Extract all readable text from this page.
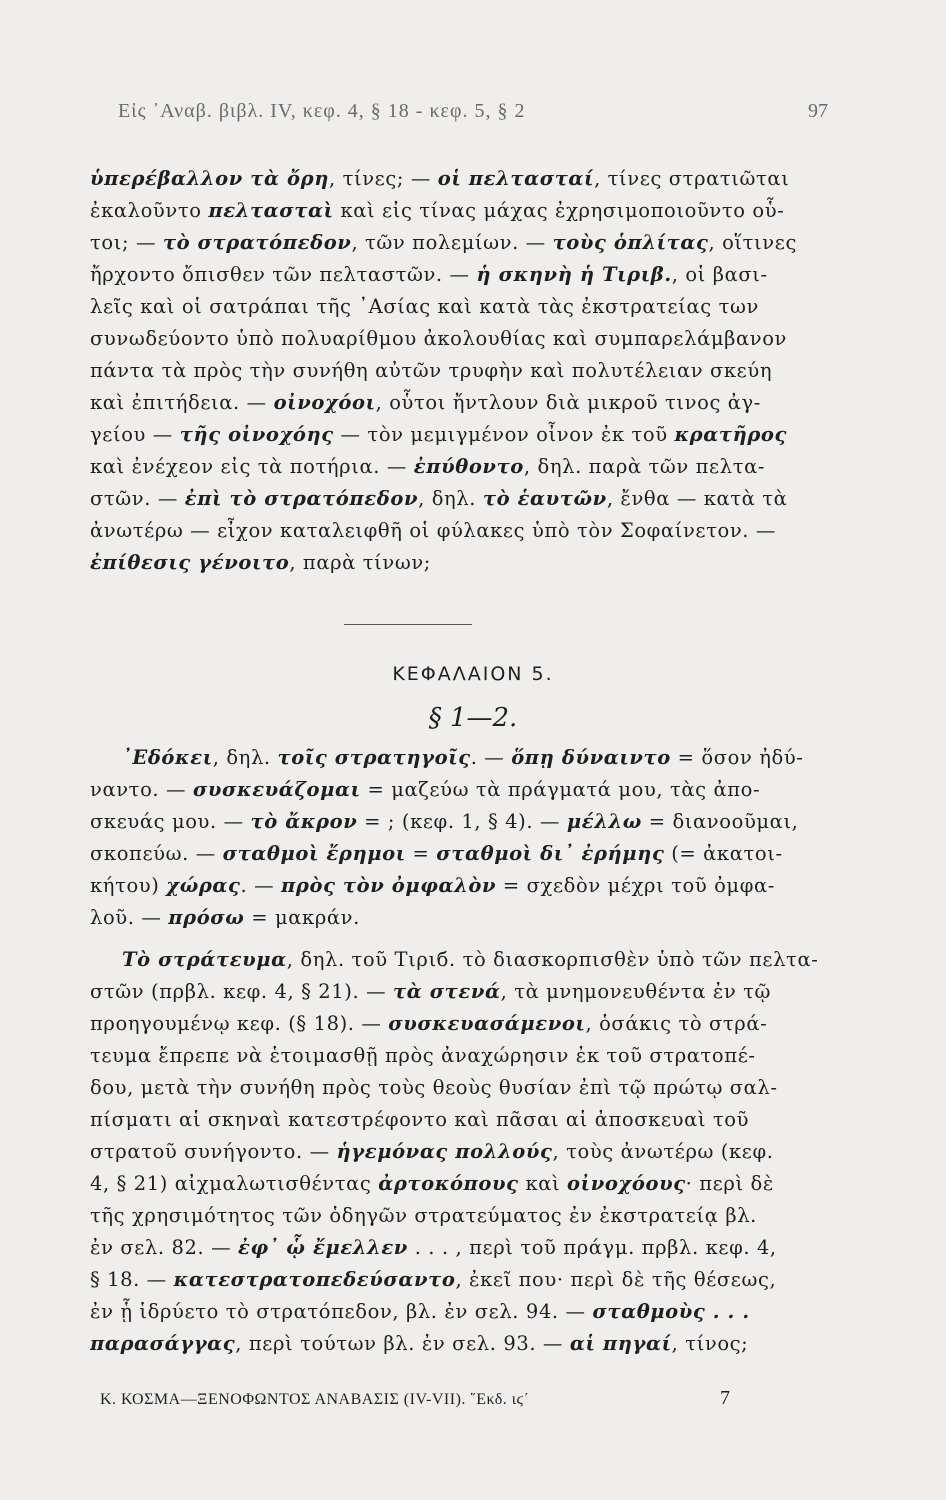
Εἰς ᾿Αναβ. βιβλ. IV, κεφ. 4, § 18 - κεφ. 5, § 2	97
ὑπερέβαλλον τὰ ὄρη, τίνες; — οἱ πελτασταί, τίνες στρατιῶται
ἐκαλοῦντο πελτασταὶ καὶ εἰς τίνας μάχας ἐχρησιμοποιοῦντο οὗ-
τοι; — τὸ στρατόπεδον, τῶν πολεμίων. — τοὺς ὁπλίτας, οἵτινες
ἤρχοντο ὄπισθεν τῶν πελταστῶν. — ἡ σκηνὴ ἡ Τιριβ., οἱ βασι-
λεῖς καὶ οἱ σατράπαι τῆς ᾿Ασίας καὶ κατὰ τὰς ἐκστρατείας των
συνωδεύοντο ὑπὸ πολυαρίθμου ἀκολουθίας καὶ συμπαρελάμβανον
πάντα τὰ πρὸς τὴν συνήθη αὐτῶν τρυφὴν καὶ πολυτέλειαν σκεύη
καὶ ἐπιτήδεια. — οἰνοχόοι, οὗτοι ἤντλουν διὰ μικροῦ τινος ἀγ-
γείου — τῆς οἰνοχόης — τὸν μεμιγμένον οἶνον ἐκ τοῦ κρατῆρος
καὶ ἐνέχεον εἰς τὰ ποτήρια. — ἐπύθοντο, δηλ. παρὰ τῶν πελτα-
στῶν. — ἐπὶ τὸ στρατόπεδον, δηλ. τὸ ἑαυτῶν, ἔνθα — κατὰ τὰ
ἀνωτέρω — εἶχον καταλειφθῆ οἱ φύλακες ὑπὸ τὸν Σοφαίνετον. —
ἐπίθεσις γένοιτο, παρὰ τίνων;
ΚΕΦΑΛΑΙΟΝ 5.
§ 1—2.
᾿Εδόκει, δηλ. τοῖς στρατηγοῖς. — ὅπῃ δύναιντο = ὅσον ἠδύ-
ναντο. — συσκευάζομαι = μαζεύω τὰ πράγματά μου, τὰς ἀπο-
σκευάς μου. — τὸ ἄκρον = ; (κεφ. 1, § 4). — μέλλω = διανοοῦμαι,
σκοπεύω. — σταθμοὶ ἔρημοι = σταθμοὶ δι᾿ ἐρήμης (= ἀκατοι-
κήτου) χώρας. — πρὸς τὸν ὀμφαλὸν = σχεδὸν μέχρι τοῦ ὀμφα-
λοῦ. — πρόσω = μακράν.
Τὸ στράτευμα, δηλ. τοῦ Τιριб. τὸ διασκορπισθὲν ὑπὸ τῶν πελτα-
στῶν (πρβλ. κεφ. 4, § 21). — τὰ στενά, τὰ μνημονευθέντα ἐν τῷ
προηγουμένῳ κεφ. (§ 18). — συσκευασάμενοι, ὁσάκις τὸ στρά-
τευμα ἔπρεπε νὰ ἑτοιμασθῇ πρὸς ἀναχώρησιν ἐκ τοῦ στρατοπέ-
δου, μετὰ τὴν συνήθη πρὸς τοὺς θεοὺς θυσίαν ἐπὶ τῷ πρώτῳ σαλ-
πίσματι αἱ σκηναὶ κατεστρέφοντο καὶ πᾶσαι αἱ ἀποσκευαὶ τοῦ
στρατοῦ συνήγοντο. — ἡγεμόνας πολλούς, τοὺς ἀνωτέρω (κεφ.
4, § 21) αἰχμαλωτισθέντας ἀρτοκόπους καὶ οἰνοχόους· περὶ δὲ
τῆς χρησιμότητος τῶν ὁδηγῶν στρατεύματος ἐν ἐκστρατείᾳ βλ.
ἐν σελ. 82. — ἐφ᾿ ᾧ ἔμελλεν . . . , περὶ τοῦ πράγμ. πρβλ. κεφ. 4,
§ 18. — κατεστρατοπεδεύσαντο, ἐκεῖ που· περὶ δὲ τῆς θέσεως,
ἐν ᾗ ἱδρύετο τὸ στρατόπεδον, βλ. ἐν σελ. 94. — σταθμοὺς . . .
παρασάγγας, περὶ τούτων βλ. ἐν σελ. 93. — αἱ πηγαί, τίνος;
Κ. ΚΟΣΜΑ—ΞΕΝΟΦΩΝΤΟΣ ΑΝΑΒΑΣΙΣ (IV-VII). ῞Εκδ. ιϛ΄	7
